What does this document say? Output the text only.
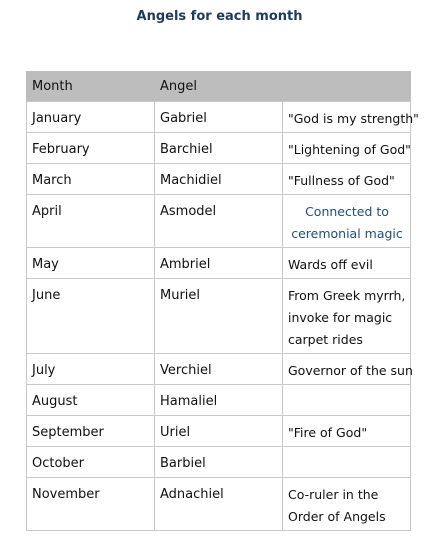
Angels for each month
Month	Angel	
January	Gabriel	"God is my strength"
February	Barchiel	"Lightening of God"
March	Machidiel	"Fullness of God"
April	Asmodel	Connected to ceremonial magic
May	Ambriel	Wards off evil
June	Muriel	From Greek myrrh, invoke for magic carpet rides
July	Verchiel	Governor of the sun
August	Hamaliel	
September	Uriel	"Fire of God"
October	Barbiel	
November	Adnachiel	Co-ruler in the Order of Angels
